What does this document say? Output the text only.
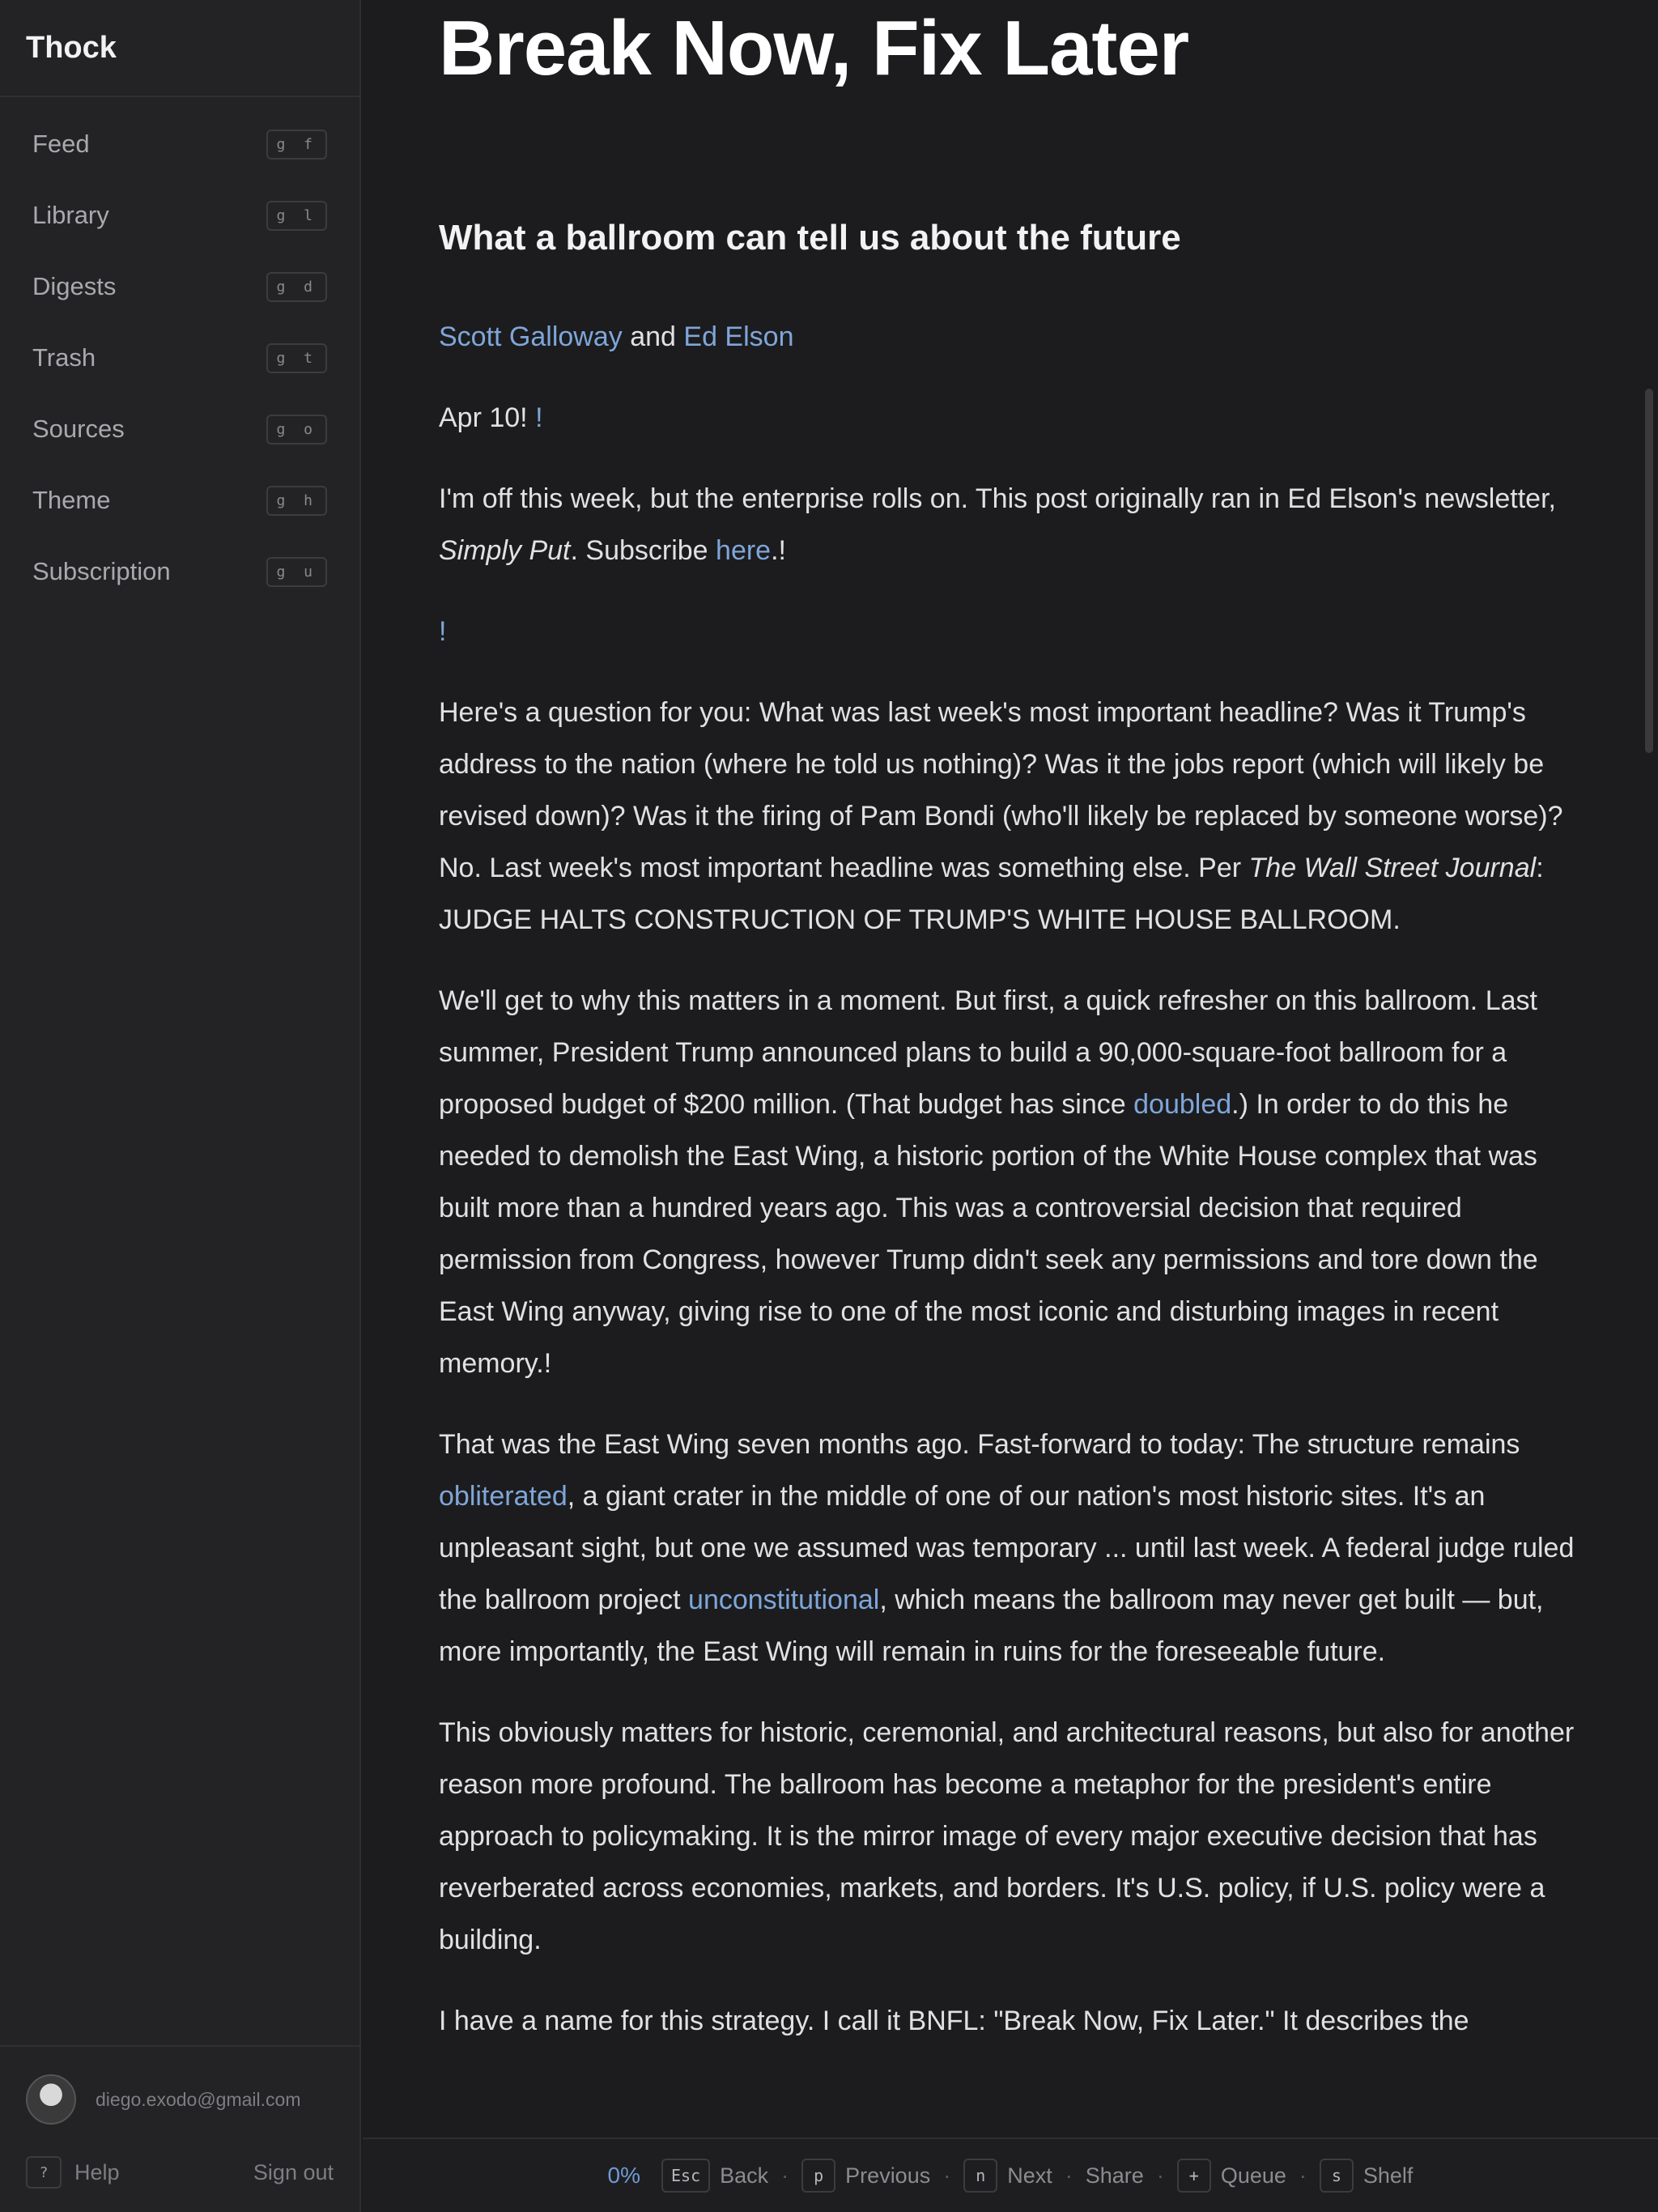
Thock
Feed	g f
Library	g l
Digests	g d
Trash	g t
Sources	g o
Theme	g h
Subscription	g u
diego.exodo@gmail.com
?	Help	Sign out
Break Now, Fix Later
What a ballroom can tell us about the future

Scott Galloway and Ed Elson

Apr 10! !

I'm off this week, but the enterprise rolls on. This post originally ran in Ed Elson's newsletter, Simply Put. Subscribe here.!

!

Here's a question for you: What was last week's most important headline? Was it Trump's address to the nation (where he told us nothing)? Was it the jobs report (which will likely be revised down)? Was it the firing of Pam Bondi (who'll likely be replaced by someone worse)? No. Last week's most important headline was something else. Per The Wall Street Journal: JUDGE HALTS CONSTRUCTION OF TRUMP'S WHITE HOUSE BALLROOM.

We'll get to why this matters in a moment. But first, a quick refresher on this ballroom. Last summer, President Trump announced plans to build a 90,000-square-foot ballroom for a proposed budget of $200 million. (That budget has since doubled.) In order to do this he needed to demolish the East Wing, a historic portion of the White House complex that was built more than a hundred years ago. This was a controversial decision that required permission from Congress, however Trump didn't seek any permissions and tore down the East Wing anyway, giving rise to one of the most iconic and disturbing images in recent memory.!

That was the East Wing seven months ago. Fast-forward to today: The structure remains obliterated, a giant crater in the middle of one of our nation's most historic sites. It's an unpleasant sight, but one we assumed was temporary ... until last week. A federal judge ruled the ballroom project unconstitutional, which means the ballroom may never get built — but, more importantly, the East Wing will remain in ruins for the foreseeable future.

This obviously matters for historic, ceremonial, and architectural reasons, but also for another reason more profound. The ballroom has become a metaphor for the president's entire approach to policymaking. It is the mirror image of every major executive decision that has reverberated across economies, markets, and borders. It's U.S. policy, if U.S. policy were a building.

I have a name for this strategy. I call it BNFL: "Break Now, Fix Later." It describes the

0%	Esc Back ·	p Previous ·	n Next · Share ·	+ Queue ·	s Shelf
